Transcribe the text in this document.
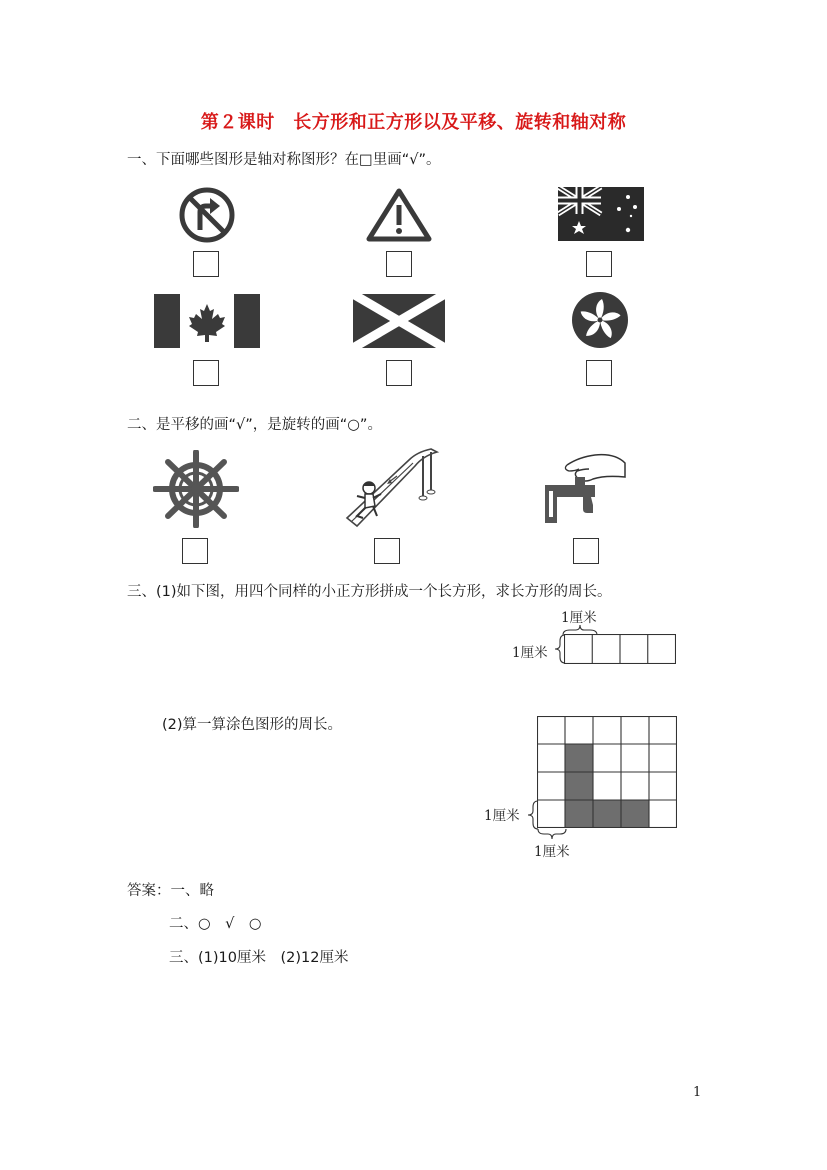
第２课时　长方形和正方形以及平移、旋转和轴对称
一、下面哪些图形是轴对称图形？在□里画“√”。
二、是平移的画“√”，是旋转的画“○”。
三、(1)如下图，用四个同样的小正方形拼成一个长方形，求长方形的周长。
1厘米
1厘米
(2)算一算涂色图形的周长。
1厘米
1厘米
答案：一、略
二、○　√　○
三、(1)10厘米　(2)12厘米
1
